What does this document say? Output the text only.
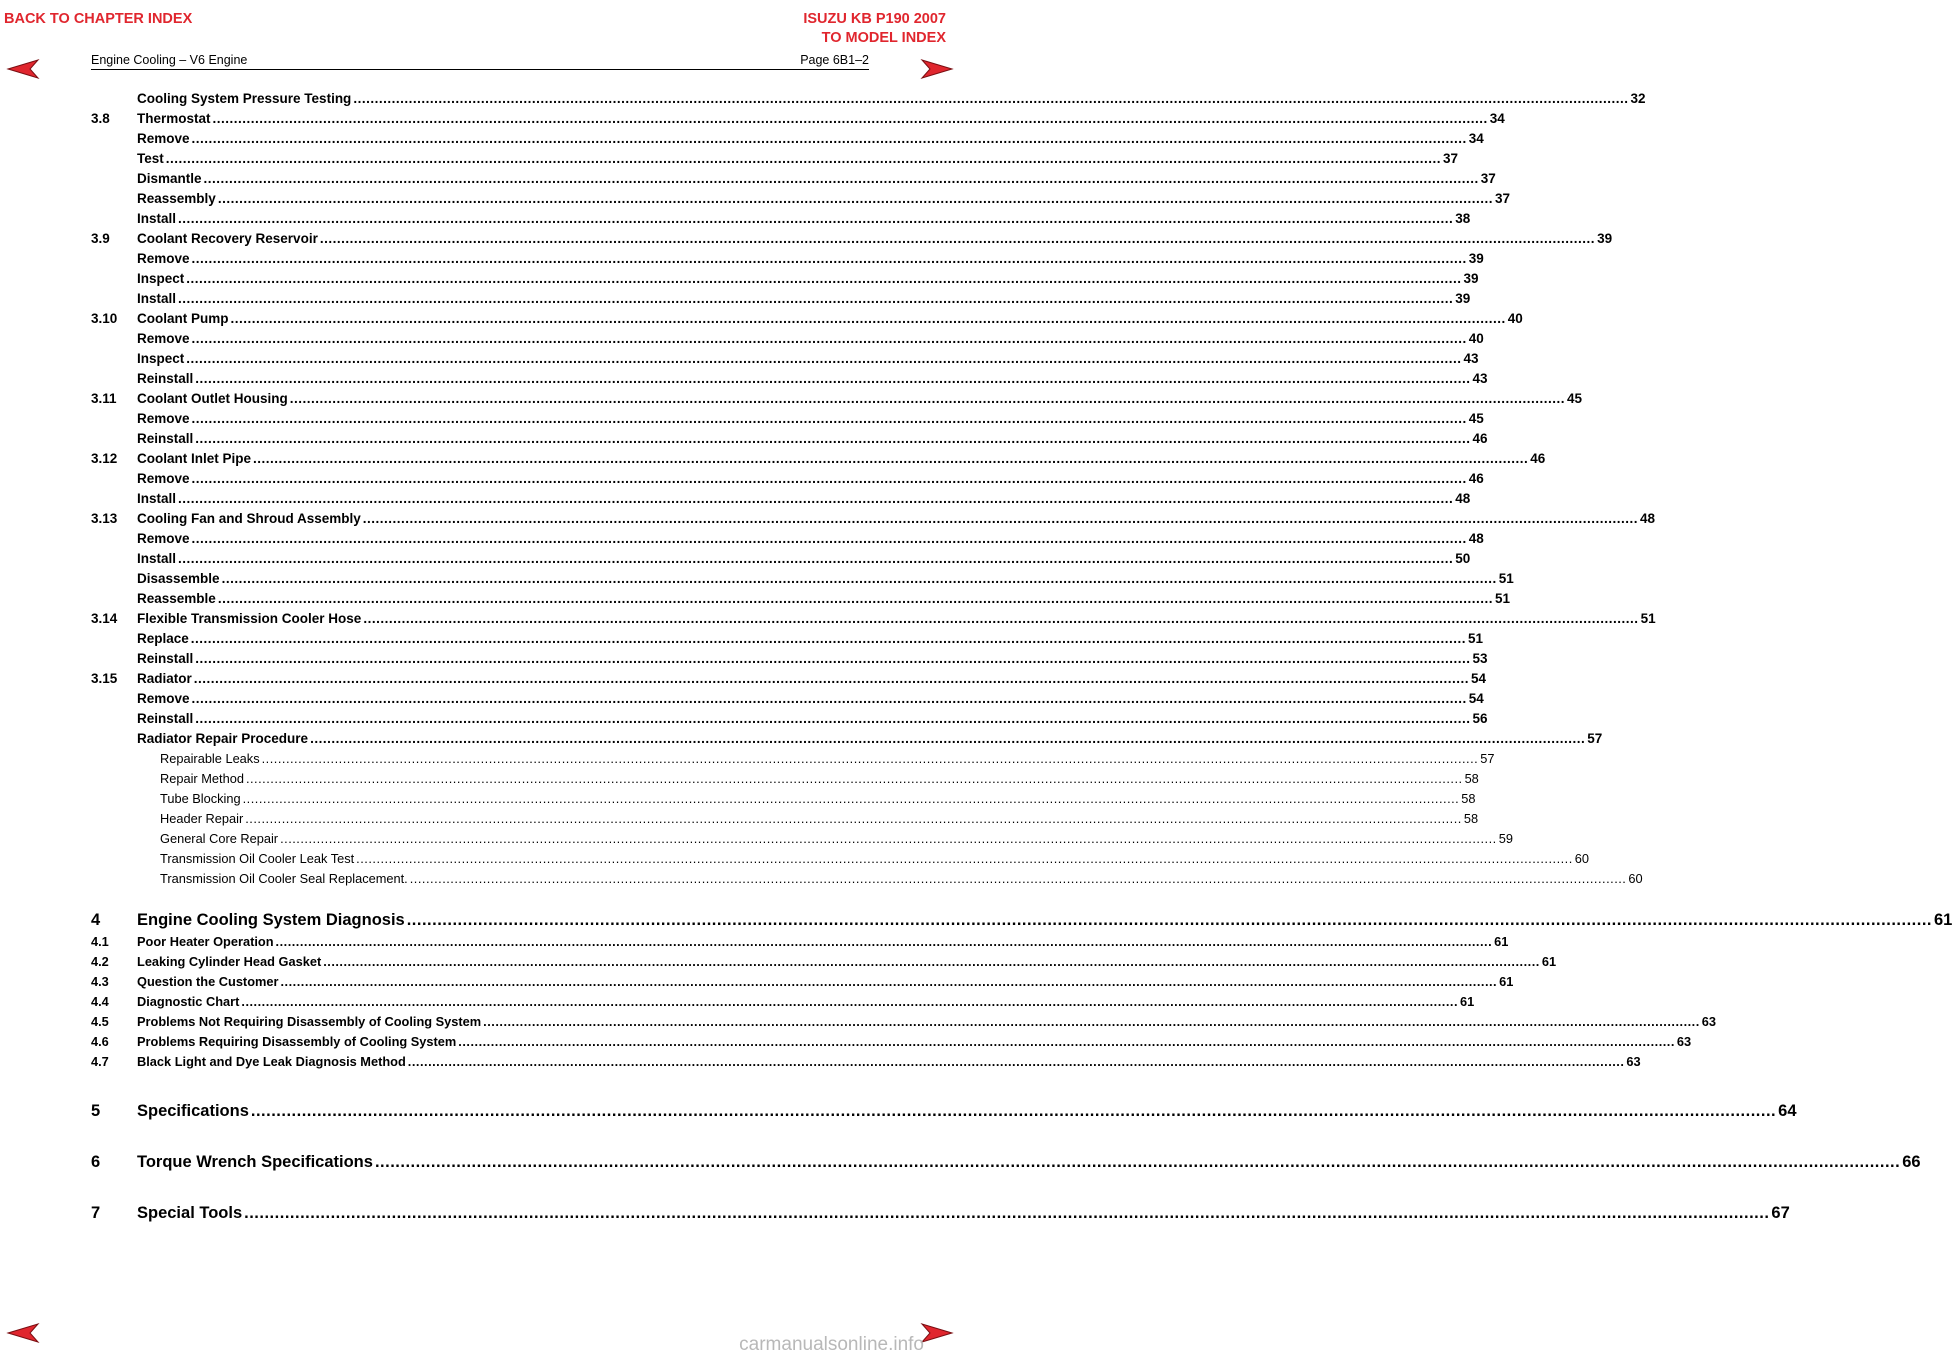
BACK TO CHAPTER INDEX	ISUZU KB P190 2007
TO MODEL INDEX
Engine Cooling – V6 Engine	Page 6B1–2
Cooling System Pressure Testing ............................................................................................................................................................................................................................................................................................................ 32
3.8 Thermostat ............................................................................................................................................................................................................................................................................................................ 34
Remove ............................................................................................................................................................................................................................................................................................................ 34
Test ............................................................................................................................................................................................................................................................................................................ 37
Dismantle ............................................................................................................................................................................................................................................................................................................ 37
Reassembly ............................................................................................................................................................................................................................................................................................................ 37
Install ............................................................................................................................................................................................................................................................................................................ 38
3.9 Coolant Recovery Reservoir ............................................................................................................................................................................................................................................................................................................ 39
Remove ............................................................................................................................................................................................................................................................................................................ 39
Inspect ............................................................................................................................................................................................................................................................................................................ 39
Install ............................................................................................................................................................................................................................................................................................................ 39
3.10 Coolant Pump ............................................................................................................................................................................................................................................................................................................ 40
Remove ............................................................................................................................................................................................................................................................................................................ 40
Inspect ............................................................................................................................................................................................................................................................................................................ 43
Reinstall ............................................................................................................................................................................................................................................................................................................ 43
3.11 Coolant Outlet Housing ............................................................................................................................................................................................................................................................................................................ 45
Remove ............................................................................................................................................................................................................................................................................................................ 45
Reinstall ............................................................................................................................................................................................................................................................................................................ 46
3.12 Coolant Inlet Pipe ............................................................................................................................................................................................................................................................................................................ 46
Remove ............................................................................................................................................................................................................................................................................................................ 46
Install ............................................................................................................................................................................................................................................................................................................ 48
3.13 Cooling Fan and Shroud Assembly ............................................................................................................................................................................................................................................................................................................ 48
Remove ............................................................................................................................................................................................................................................................................................................ 48
Install ............................................................................................................................................................................................................................................................................................................ 50
Disassemble ............................................................................................................................................................................................................................................................................................................ 51
Reassemble ............................................................................................................................................................................................................................................................................................................ 51
3.14 Flexible Transmission Cooler Hose ............................................................................................................................................................................................................................................................................................................ 51
Replace ............................................................................................................................................................................................................................................................................................................ 51
Reinstall ............................................................................................................................................................................................................................................................................................................ 53
3.15 Radiator ............................................................................................................................................................................................................................................................................................................ 54
Remove ............................................................................................................................................................................................................................................................................................................ 54
Reinstall ............................................................................................................................................................................................................................................................................................................ 56
Radiator Repair Procedure ............................................................................................................................................................................................................................................................................................................ 57
Repairable Leaks ............................................................................................................................................................................................................................................................................................................ 57
Repair Method ............................................................................................................................................................................................................................................................................................................ 58
Tube Blocking ............................................................................................................................................................................................................................................................................................................ 58
Header Repair ............................................................................................................................................................................................................................................................................................................ 58
General Core Repair ............................................................................................................................................................................................................................................................................................................ 59
Transmission Oil Cooler Leak Test ............................................................................................................................................................................................................................................................................................................ 60
Transmission Oil Cooler Seal Replacement. ............................................................................................................................................................................................................................................................................................................ 60
4 Engine Cooling System Diagnosis ............................................................................................................................................................................................................................................................................................................ 61
4.1 Poor Heater Operation ............................................................................................................................................................................................................................................................................................................ 61
4.2 Leaking Cylinder Head Gasket ............................................................................................................................................................................................................................................................................................................ 61
4.3 Question the Customer ............................................................................................................................................................................................................................................................................................................ 61
4.4 Diagnostic Chart ............................................................................................................................................................................................................................................................................................................ 61
4.5 Problems Not Requiring Disassembly of Cooling System ............................................................................................................................................................................................................................................................................................................ 63
4.6 Problems Requiring Disassembly of Cooling System ............................................................................................................................................................................................................................................................................................................ 63
4.7 Black Light and Dye Leak Diagnosis Method ............................................................................................................................................................................................................................................................................................................ 63
5 Specifications ............................................................................................................................................................................................................................................................................................................ 64
6 Torque Wrench Specifications ............................................................................................................................................................................................................................................................................................................ 66
7 Special Tools ............................................................................................................................................................................................................................................................................................................ 67
carmanualsonline.info
